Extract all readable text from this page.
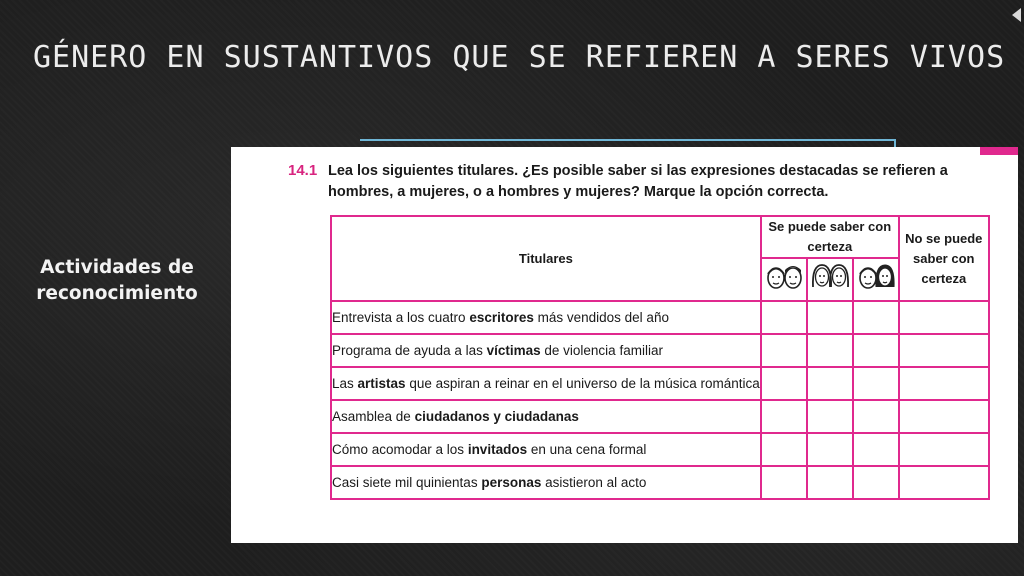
GÉNERO EN SUSTANTIVOS QUE SE REFIEREN A SERES VIVOS
Actividades de
reconocimiento
14.1 Lea los siguientes titulares. ¿Es posible saber si las expresiones destacadas se refieren a hombres, a mujeres, o a hombres y mujeres? Marque la opción correcta.
Titulares	Se puede saber con certeza			No se puede saber con certeza

Entrevista a los cuatro escritores más vendidos del año				
Programa de ayuda a las víctimas de violencia familiar				
Las artistas que aspiran a reinar en el universo de la música romántica				
Asamblea de ciudadanos y ciudadanas				
Cómo acomodar a los invitados en una cena formal				
Casi siete mil quinientas personas asistieron al acto				
